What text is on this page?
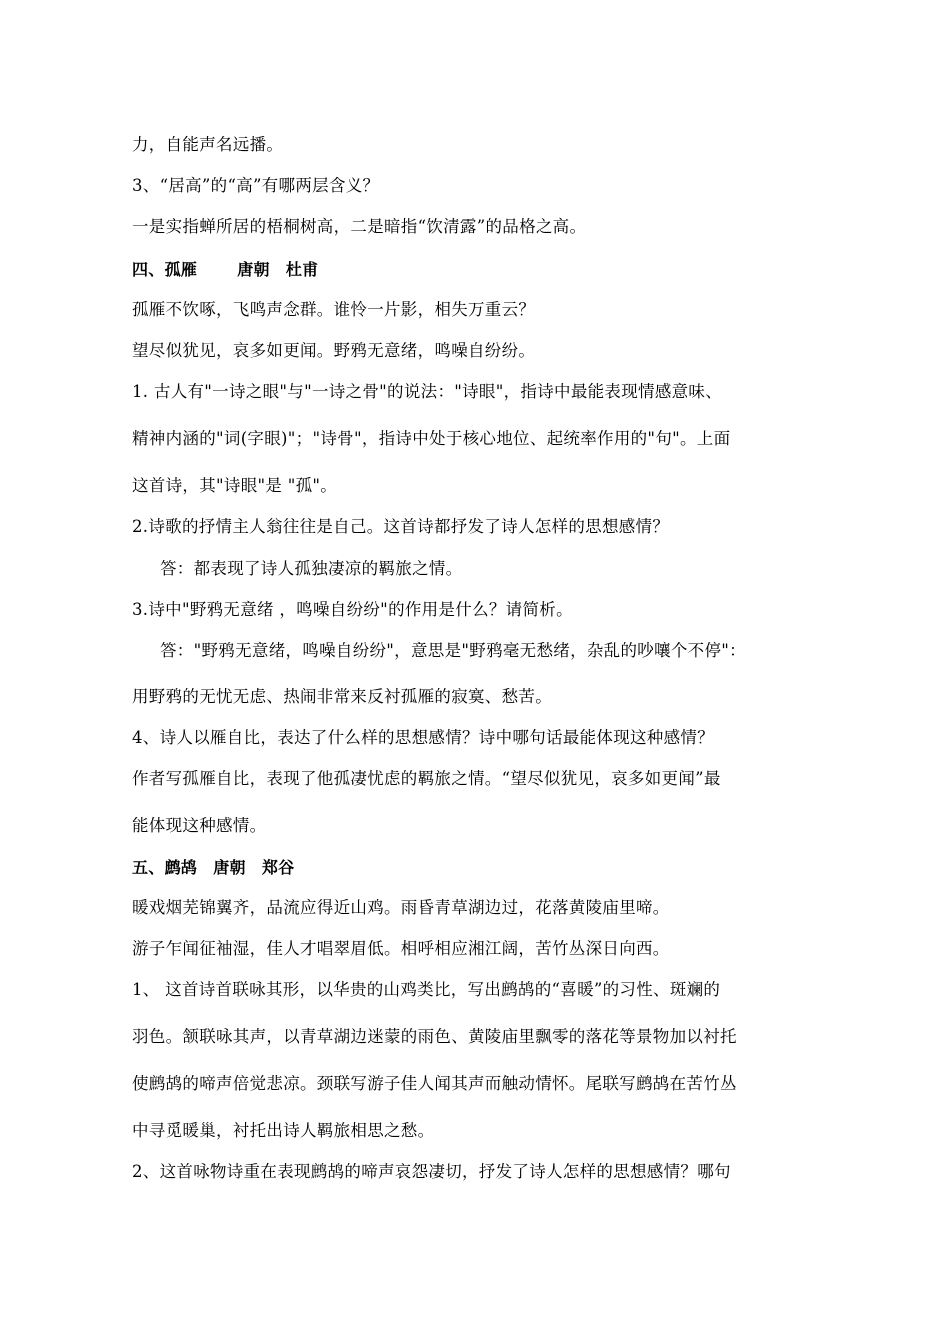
力，自能声名远播。
3、“居高”的“高”有哪两层含义？
一是实指蝉所居的梧桐树高，二是暗指“饮清露”的品格之高。
四、孤雁	唐朝 杜甫
孤雁不饮啄，飞鸣声念群。谁怜一片影，相失万重云？
望尽似犹见，哀多如更闻。野鸦无意绪，鸣噪自纷纷。
1. 古人有"一诗之眼"与"一诗之骨"的说法："诗眼"，指诗中最能表现情感意味、
精神内涵的"词(字眼)"；"诗骨"，指诗中处于核心地位、起统率作用的"句"。上面
这首诗，其"诗眼"是 "孤"。
2.诗歌的抒情主人翁往往是自己。这首诗都抒发了诗人怎样的思想感情？
答：都表现了诗人孤独凄凉的羁旅之情。
3.诗中"野鸦无意绪 ，鸣噪自纷纷"的作用是什么？请简析。
答："野鸦无意绪，鸣噪自纷纷"，意思是"野鸦毫无愁绪，杂乱的吵嚷个不停"：
用野鸦的无忧无虑、热闹非常来反衬孤雁的寂寞、愁苦。
4、诗人以雁自比，表达了什么样的思想感情？诗中哪句话最能体现这种感情？
作者写孤雁自比，表现了他孤凄忧虑的羁旅之情。“望尽似犹见，哀多如更闻”最
能体现这种感情。
五、鹧鸪 唐朝 郑谷
暖戏烟芜锦翼齐，品流应得近山鸡。雨昏青草湖边过，花落黄陵庙里啼。
游子乍闻征袖湿，佳人才唱翠眉低。相呼相应湘江阔，苦竹丛深日向西。
1、 这首诗首联咏其形，以华贵的山鸡类比，写出鹧鸪的“喜暖”的习性、斑斓的
羽色。颔联咏其声，以青草湖边迷蒙的雨色、黄陵庙里飘零的落花等景物加以衬托
使鹧鸪的啼声倍觉悲凉。颈联写游子佳人闻其声而触动情怀。尾联写鹧鸪在苦竹丛
中寻觅暖巢，衬托出诗人羁旅相思之愁。
2、这首咏物诗重在表现鹧鸪的啼声哀怨凄切，抒发了诗人怎样的思想感情？哪句
